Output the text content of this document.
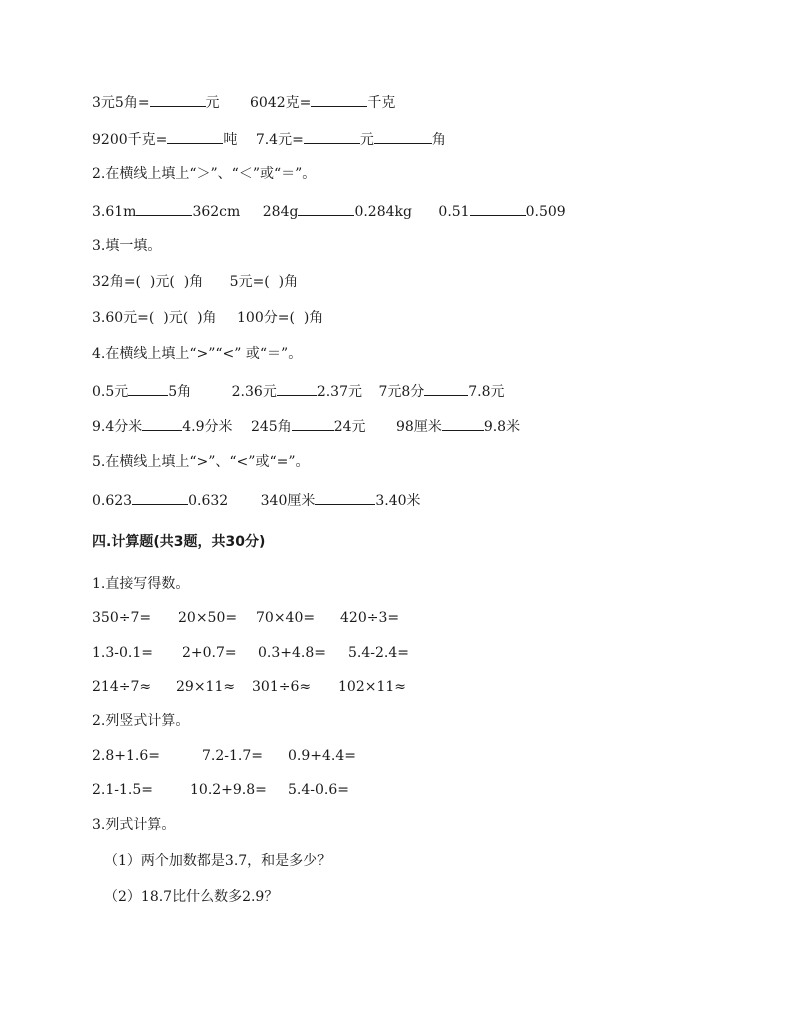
3元5角=	元 6042克=	千克
9200千克=	吨 7.4元=	元	角
2.在横线上填上“＞”、“＜”或“＝”。
3.61m	362cm 284g	0.284kg 0.51	0.509
3.填一填。
32角=(  )元(  )角 5元=(  )角
3.60元=(  )元(  )角 100分=(  )角
4.在横线上填上“>”“<” 或“＝”。
0.5元	5角	2.36元	2.37元 7元8分	7.8元
9.4分米	4.9分米 245角	24元 98厘米	9.8米
5.在横线上填上“>”、“<”或“=”。
0.623	0.632 340厘米	3.40米
四.计算题(共3题，共30分)
1.直接写得数。
350÷7= 20×50= 70×40= 420÷3=
1.3-0.1= 2+0.7= 0.3+4.8= 5.4-2.4=
214÷7≈ 29×11≈ 301÷6≈ 102×11≈
2.列竖式计算。
2.8+1.6=	7.2-1.7= 0.9+4.4=
2.1-1.5=	10.2+9.8= 5.4-0.6=
3.列式计算。
（1）两个加数都是3.7，和是多少？
（2）18.7比什么数多2.9？
